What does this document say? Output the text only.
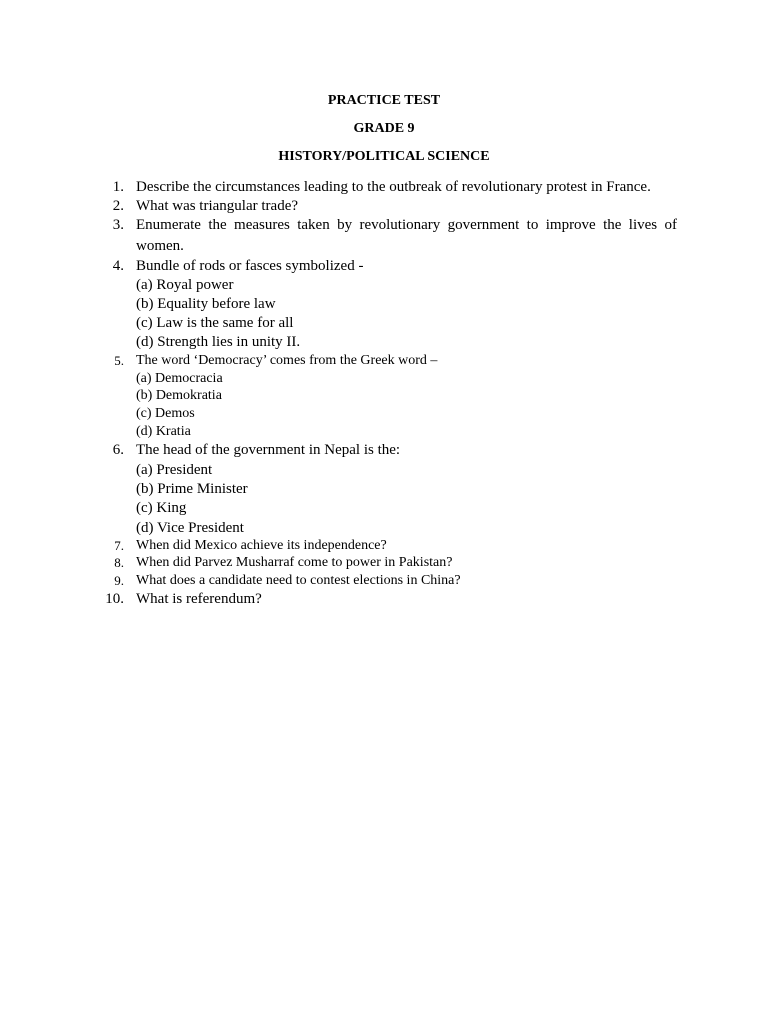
PRACTICE TEST
GRADE 9
HISTORY/POLITICAL SCIENCE
1. Describe the circumstances leading to the outbreak of revolutionary protest in France.
2. What was triangular trade?
3. Enumerate the measures taken by revolutionary government to improve the lives of
women.
4. Bundle of rods or fasces symbolized -
(a) Royal power
(b) Equality before law
(c) Law is the same for all
(d) Strength lies in unity II.
5. The word ‘Democracy’ comes from the Greek word –
(a) Democracia
(b) Demokratia
(c) Demos
(d) Kratia
6. The head of the government in Nepal is the:
(a) President
(b) Prime Minister
(c) King
(d) Vice President
7. When did Mexico achieve its independence?
8. When did Parvez Musharraf come to power in Pakistan?
9. What does a candidate need to contest elections in China?
10. What is referendum?
